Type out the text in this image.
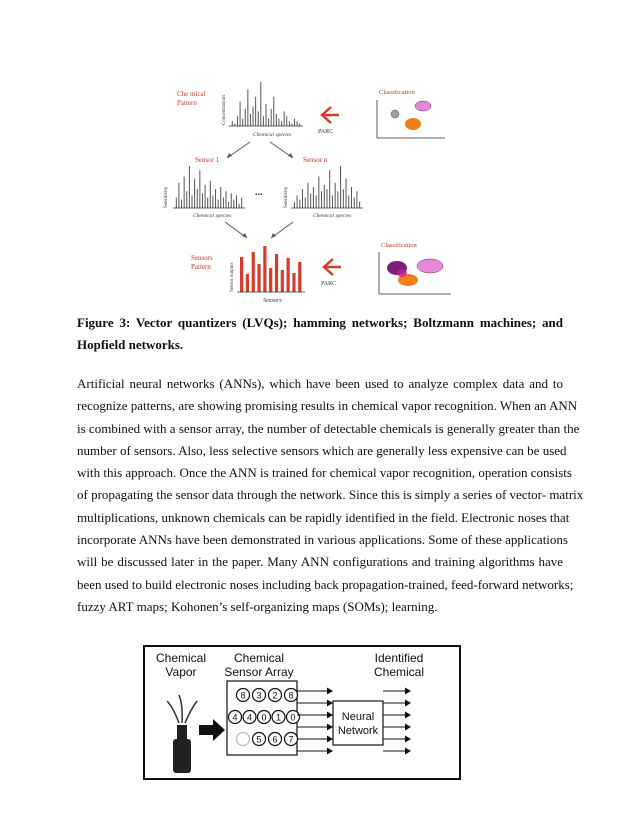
Che mical
Pattern	Concentrations
Chemical species
Sensor 1
Sensitivity
Chemical species
...
Sensor n
Sensitivity
Chemical species
Sensors
Pattern	Sensor outputs
Sensors
PARC
PARC
Classification
Classification
Figure 3: Vector quantizers (LVQs); hamming networks; Boltzmann machines; and
Hopfield networks.
Artificial neural networks (ANNs), which have been used to analyze complex data and to
recognize patterns, are showing promising results in chemical vapor recognition. When an ANN
is combined with a sensor array, the number of detectable chemicals is generally greater than the
number of sensors. Also, less selective sensors which are generally less expensive can be used
with this approach. Once the ANN is trained for chemical vapor recognition, operation consists
of propagating the sensor data through the network. Since this is simply a series of vector- matrix
multiplications, unknown chemicals can be rapidly identified in the field. Electronic noses that
incorporate ANNs have been demonstrated in various applications. Some of these applications
will be discussed later in the paper. Many ANN configurations and training algorithms have
been used to build electronic noses including back propagation-trained, feed-forward networks;
fuzzy ART maps; Kohonen’s self-organizing maps (SOMs); learning.
Chemical
Vapor
Chemical
Sensor Array
Identified
Chemical
8 3 2 8
4 4 0 1 0
5 6 7
Neural
Network
